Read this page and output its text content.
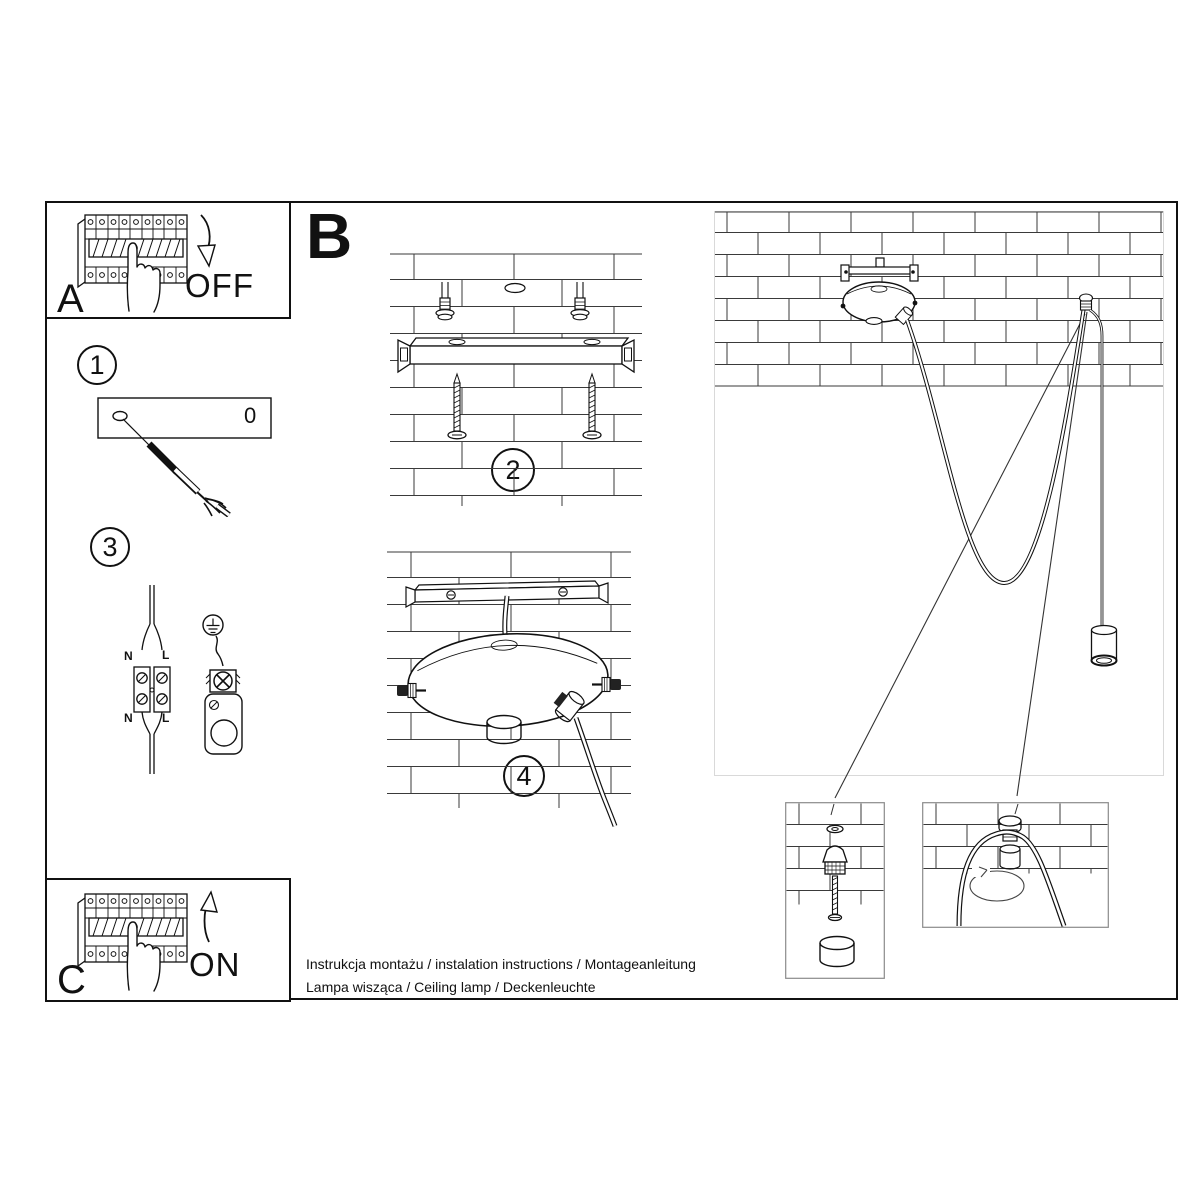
A	OFF
C	ON
B
1
3
0
N L
N L
Instrukcja montażu / instalation instructions / Montageanleitung
Lampa wisząca / Ceiling lamp / Deckenleuchte
